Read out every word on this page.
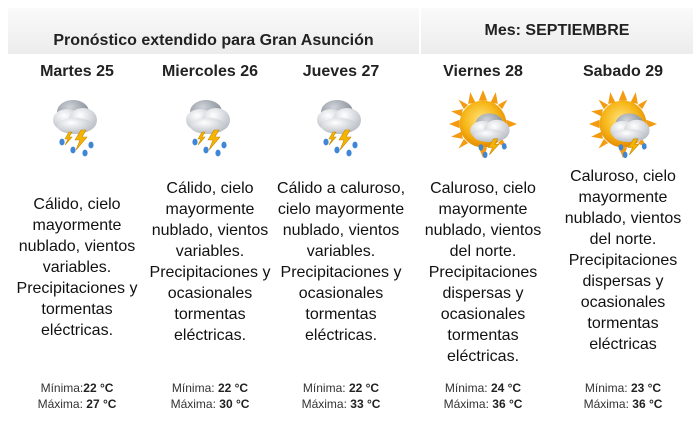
Pronóstico extendido para Gran Asunción
Mes: SEPTIEMBRE
Martes 25
Cálido, cielo mayormente nublado, vientos variables. Precipitaciones y tormentas eléctricas.
Mínima:22 °C
Máxima: 27 °C
Miercoles 26
Cálido, cielo mayormente nublado, vientos variables. Precipitaciones y ocasionales tormentas eléctricas.
Mínima: 22 °C
Máxima: 30 °C
Jueves 27
Cálido a caluroso, cielo mayormente nublado, vientos variables. Precipitaciones y ocasionales tormentas eléctricas.
Mínima: 22 °C
Máxima: 33 °C
Viernes 28
Caluroso, cielo mayormente nublado, vientos del norte. Precipitaciones dispersas y ocasionales tormentas eléctricas.
Mínima: 24 °C
Máxima: 36 °C
Sabado 29
Caluroso, cielo mayormente nublado, vientos del norte. Precipitaciones dispersas y ocasionales tormentas eléctricas
Mínima: 23 °C
Máxima: 36 °C
